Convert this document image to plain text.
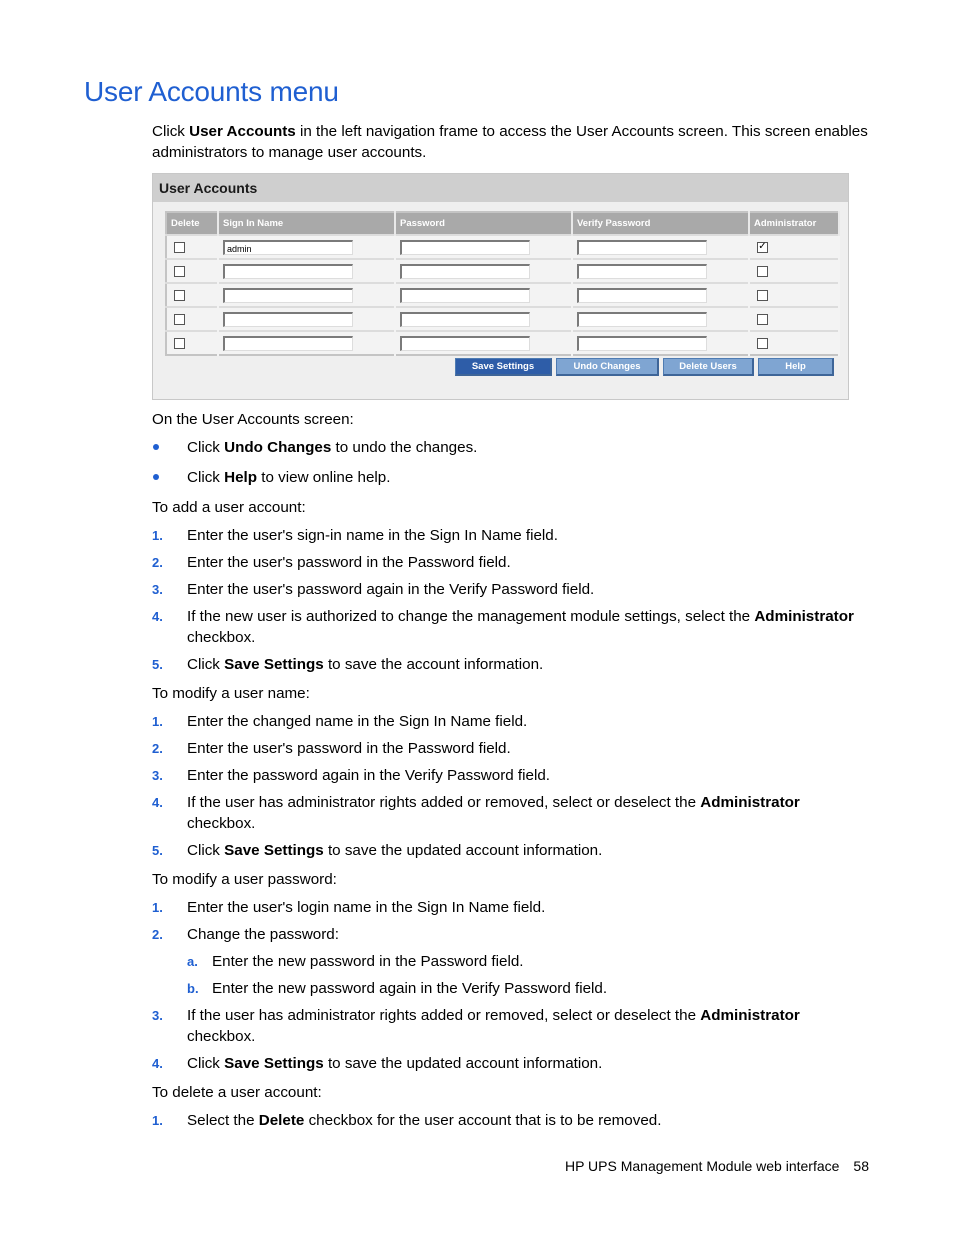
User Accounts menu

Click User Accounts in the left navigation frame to access the User Accounts screen. This screen enables administrators to manage user accounts.

User Accounts
Delete	Sign In Name	Password	Verify Password	Administrator

	admin			✓

Save Settings	Undo Changes	Delete Users	Help

On the User Accounts screen:

Click Undo Changes to undo the changes.
Click Help to view online help.

To add a user account:

1. Enter the user's sign-in name in the Sign In Name field.
2. Enter the user's password in the Password field.
3. Enter the user's password again in the Verify Password field.
4. If the new user is authorized to change the management module settings, select the Administrator checkbox.
5. Click Save Settings to save the account information.

To modify a user name:

1. Enter the changed name in the Sign In Name field.
2. Enter the user's password in the Password field.
3. Enter the password again in the Verify Password field.
4. If the user has administrator rights added or removed, select or deselect the Administrator checkbox.
5. Click Save Settings to save the updated account information.

To modify a user password:

1. Enter the user's login name in the Sign In Name field.
2. Change the password:
a. Enter the new password in the Password field.
b. Enter the new password again in the Verify Password field.
3. If the user has administrator rights added or removed, select or deselect the Administrator checkbox.
4. Click Save Settings to save the updated account information.

To delete a user account:

1. Select the Delete checkbox for the user account that is to be removed.
HP UPS Management Module web interface 58
